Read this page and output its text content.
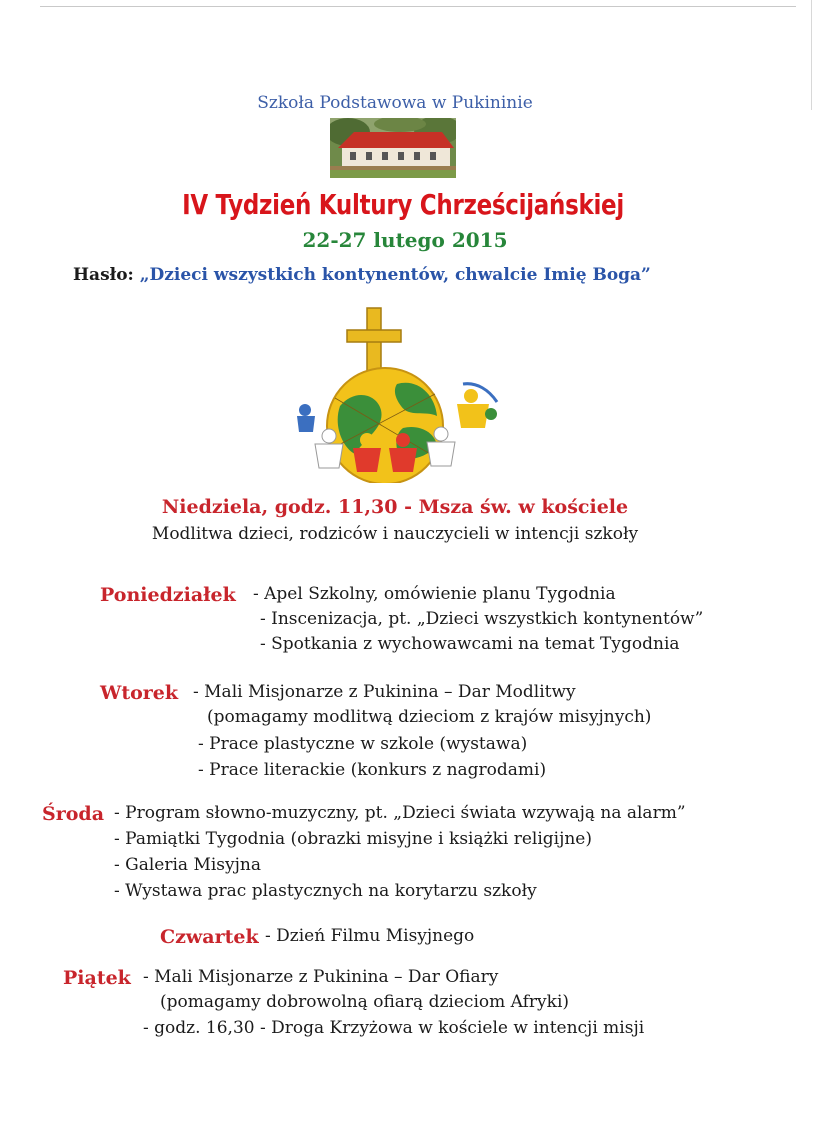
Szkoła Podstawowa w Pukininie
IV Tydzień Kultury Chrześcijańskiej
22-27 lutego 2015
Hasło: „Dzieci wszystkich kontynentów, chwalcie Imię Boga”
Niedziela, godz. 11,30 - Msza św. w kościele
Modlitwa dzieci, rodziców i nauczycieli w intencji szkoły
Poniedziałek - Apel Szkolny, omówienie planu Tygodnia
- Inscenizacja, pt. „Dzieci wszystkich kontynentów”
- Spotkania z wychowawcami na temat Tygodnia
Wtorek - Mali Misjonarze z Pukinina – Dar Modlitwy
(pomagamy modlitwą dzieciom z krajów misyjnych)
- Prace plastyczne w szkole (wystawa)
- Prace literackie (konkurs z nagrodami)
Środa - Program słowno-muzyczny, pt. „Dzieci świata wzywają na alarm”
- Pamiątki Tygodnia (obrazki misyjne i książki religijne)
- Galeria Misyjna
- Wystawa prac plastycznych na korytarzu szkoły
Czwartek - Dzień Filmu Misyjnego
Piątek - Mali Misjonarze z Pukinina – Dar Ofiary
(pomagamy dobrowolną ofiarą dzieciom Afryki)
- godz. 16,30 - Droga Krzyżowa w kościele w intencji misji
